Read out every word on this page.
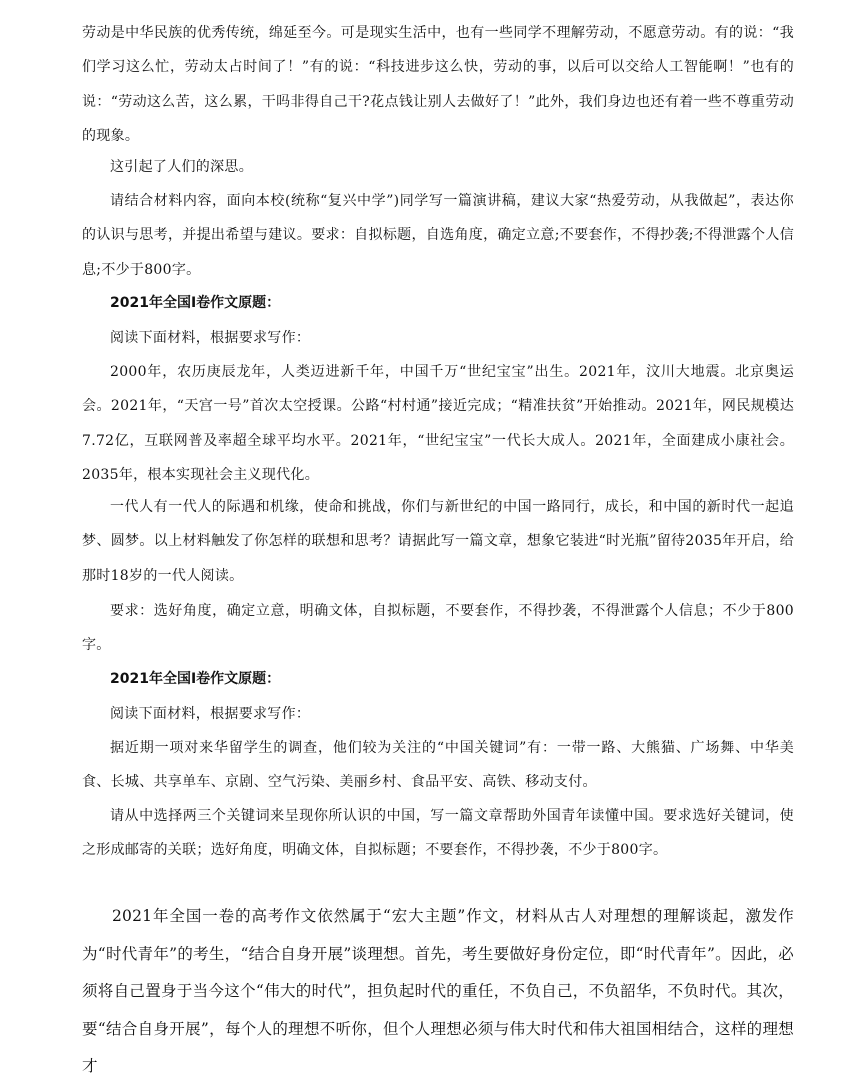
劳动是中华民族的优秀传统，绵延至今。可是现实生活中，也有一些同学不理解劳动，不愿意劳动。有的说：“我们学习这么忙，劳动太占时间了！”有的说：“科技进步这么快，劳动的事，以后可以交给人工智能啊！”也有的说：“劳动这么苦，这么累，干吗非得自己干?花点钱让别人去做好了！”此外，我们身边也还有着一些不尊重劳动的现象。

这引起了人们的深思。

请结合材料内容，面向本校(统称“复兴中学”)同学写一篇演讲稿，建议大家“热爱劳动，从我做起”，表达你的认识与思考，并提出希望与建议。要求：自拟标题，自选角度，确定立意;不要套作，不得抄袭;不得泄露个人信息;不少于800字。

2021年全国Ⅰ卷作文原题：

阅读下面材料，根据要求写作：

2000年，农历庚辰龙年，人类迈进新千年，中国千万“世纪宝宝”出生。2021年，汶川大地震。北京奥运会。2021年，“天宫一号”首次太空授课。公路“村村通”接近完成；“精准扶贫”开始推动。2021年，网民规模达7.72亿，互联网普及率超全球平均水平。2021年，“世纪宝宝”一代长大成人。2021年，全面建成小康社会。2035年，根本实现社会主义现代化。

一代人有一代人的际遇和机缘，使命和挑战，你们与新世纪的中国一路同行，成长，和中国的新时代一起追梦、圆梦。以上材料触发了你怎样的联想和思考？请据此写一篇文章，想象它装进“时光瓶”留待2035年开启，给那时18岁的一代人阅读。

要求：选好角度，确定立意，明确文体，自拟标题，不要套作，不得抄袭，不得泄露个人信息；不少于800字。

2021年全国Ⅰ卷作文原题：

阅读下面材料，根据要求写作：

据近期一项对来华留学生的调查，他们较为关注的“中国关键词”有：一带一路、大熊猫、广场舞、中华美食、长城、共享单车、京剧、空气污染、美丽乡村、食品平安、高铁、移动支付。

请从中选择两三个关键词来呈现你所认识的中国，写一篇文章帮助外国青年读懂中国。要求选好关键词，使之形成邮寄的关联；选好角度，明确文体，自拟标题；不要套作，不得抄袭，不少于800字。

2021年全国一卷的高考作文依然属于“宏大主题”作文，材料从古人对理想的理解谈起，激发作为“时代青年”的考生，“结合自身开展”谈理想。首先，考生要做好身份定位，即“时代青年”。因此，必须将自己置身于当今这个“伟大的时代”，担负起时代的重任，不负自己，不负韶华，不负时代。其次，要“结合自身开展”，每个人的理想不听你，但个人理想必须与伟大时代和伟大祖国相结合，这样的理想才
